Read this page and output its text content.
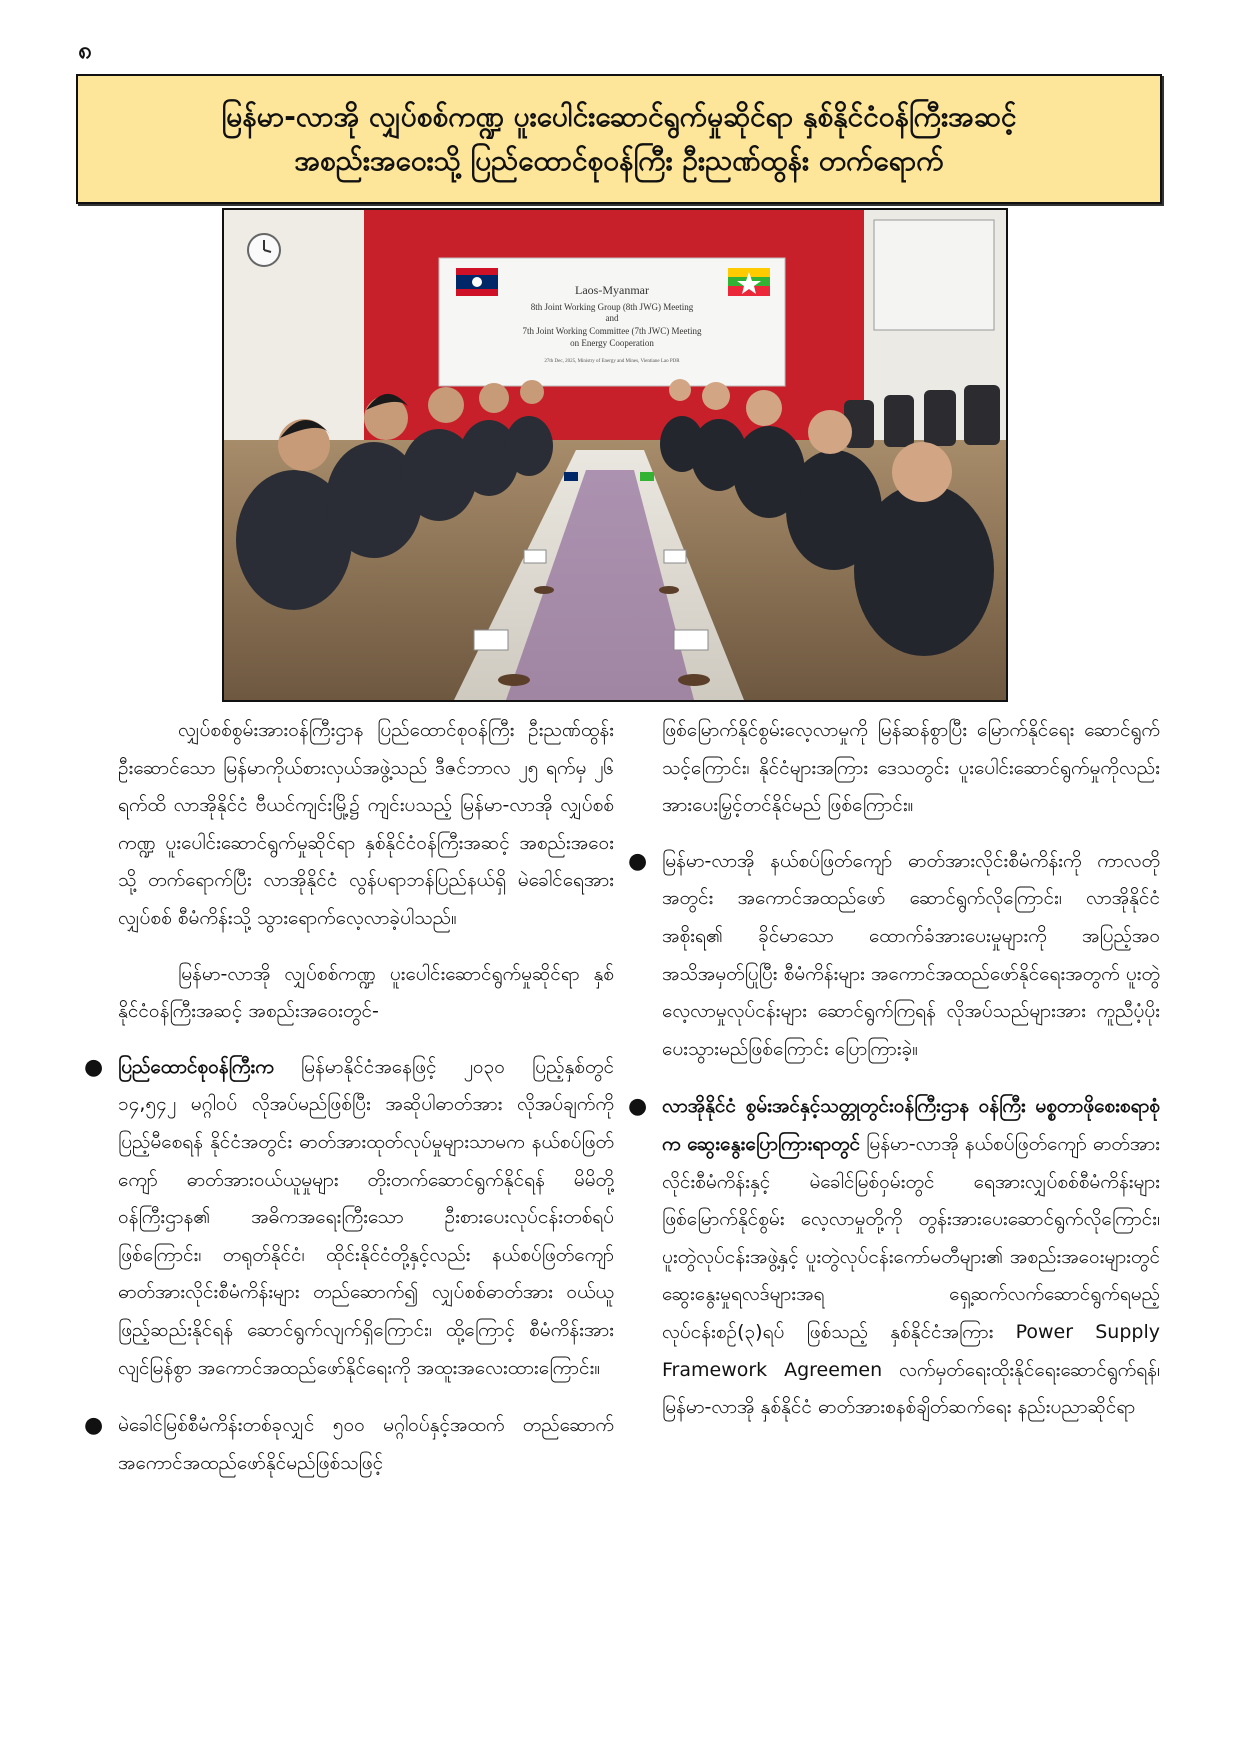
၈
မြန်မာ-လာအို လျှပ်စစ်ကဏ္ဍ ပူးပေါင်းဆောင်ရွက်မှုဆိုင်ရာ နှစ်နိုင်ငံဝန်ကြီးအဆင့်
အစည်းအဝေးသို့ ပြည်ထောင်စုဝန်ကြီး ဦးညဏ်ထွန်း တက်ရောက်
Laos-Myanmar
8th Joint Working Group (8th JWG) Meeting
and
7th Joint Working Committee (7th JWC) Meeting
on Energy Cooperation
27th Dec, 2025, Ministry of Energy and Mines, Vientiane Lao PDR

လျှပ်စစ်စွမ်းအားဝန်ကြီးဌာန ပြည်ထောင်စုဝန်ကြီး ဦးညဏ်ထွန်း ဦးဆောင်သော မြန်မာကိုယ်စားလှယ်အဖွဲ့သည် ဒီဇင်ဘာလ ၂၅ ရက်မှ ၂၆ ရက်ထိ လာအိုနိုင်ငံ ဗီယင်ကျင်းမြို့၌ ကျင်းပသည့် မြန်မာ-လာအို လျှပ်စစ်ကဏ္ဍ ပူးပေါင်းဆောင်ရွက်မှုဆိုင်ရာ နှစ်နိုင်ငံဝန်ကြီးအဆင့် အစည်းအဝေးသို့ တက်ရောက်ပြီး လာအိုနိုင်ငံ လွန်ပရာဘန်ပြည်နယ်ရှိ မဲခေါင်ရေအားလျှပ်စစ် စီမံကိန်းသို့ သွားရောက်လေ့လာခဲ့ပါသည်။

မြန်မာ-လာအို လျှပ်စစ်ကဏ္ဍ ပူးပေါင်းဆောင်ရွက်မှုဆိုင်ရာ နှစ်နိုင်ငံဝန်ကြီးအဆင့် အစည်းအဝေးတွင်-

● ပြည်ထောင်စုဝန်ကြီးက မြန်မာနိုင်ငံအနေဖြင့် ၂၀၃၀ ပြည့်နှစ်တွင် ၁၄,၅၄၂ မဂ္ဂါဝပ် လိုအပ်မည်ဖြစ်ပြီး အဆိုပါဓာတ်အား လိုအပ်ချက်ကို ပြည့်မီစေရန် နိုင်ငံအတွင်း ဓာတ်အားထုတ်လုပ်မှုများသာမက နယ်စပ်ဖြတ်ကျော် ဓာတ်အားဝယ်ယူမှုများ တိုးတက်ဆောင်ရွက်နိုင်ရန် မိမိတို့ဝန်ကြီးဌာန၏ အဓိကအရေးကြီးသော ဦးစားပေးလုပ်ငန်းတစ်ရပ်ဖြစ်ကြောင်း၊ တရုတ်နိုင်ငံ၊ ထိုင်းနိုင်ငံတို့နှင့်လည်း နယ်စပ်ဖြတ်ကျော် ဓာတ်အားလိုင်းစီမံကိန်းများ တည်ဆောက်၍ လျှပ်စစ်ဓာတ်အား ဝယ်ယူဖြည့်ဆည်းနိုင်ရန် ဆောင်ရွက်လျက်ရှိကြောင်း၊ ထို့ကြောင့် စီမံကိန်းအား လျင်မြန်စွာ အကောင်အထည်ဖော်နိုင်ရေးကို အထူးအလေးထားကြောင်း။
● မဲခေါင်မြစ်စီမံကိန်းတစ်ခုလျှင် ၅၀၀ မဂ္ဂါဝပ်နှင့်အထက် တည်ဆောက် အကောင်အထည်ဖော်နိုင်မည်ဖြစ်သဖြင့်

ဖြစ်မြောက်နိုင်စွမ်းလေ့လာမှုကို မြန်ဆန်စွာပြီး မြောက်နိုင်ရေး ဆောင်ရွက်သင့်ကြောင်း၊ နိုင်ငံများအကြား ဒေသတွင်း ပူးပေါင်းဆောင်ရွက်မှုကိုလည်း အားပေးမြှင့်တင်နိုင်မည် ဖြစ်ကြောင်း။

● မြန်မာ-လာအို နယ်စပ်ဖြတ်ကျော် ဓာတ်အားလိုင်းစီမံကိန်းကို ကာလတိုအတွင်း အကောင်အထည်ဖော် ဆောင်ရွက်လိုကြောင်း၊ လာအိုနိုင်ငံအစိုးရ၏ ခိုင်မာသော ထောက်ခံအားပေးမှုများကို အပြည့်အဝ အသိအမှတ်ပြုပြီး စီမံကိန်းများ အကောင်အထည်ဖော်နိုင်ရေးအတွက် ပူးတွဲလေ့လာမှုလုပ်ငန်းများ ဆောင်ရွက်ကြရန် လိုအပ်သည်များအား ကူညီပံ့ပိုးပေးသွားမည်ဖြစ်ကြောင်း ပြောကြားခဲ့။
● လာအိုနိုင်ငံ စွမ်းအင်နှင့်သတ္တုတွင်းဝန်ကြီးဌာန ဝန်ကြီး မစ္စတာဖိုစေးစရာစုံက ဆွေးနွေးပြောကြားရာတွင် မြန်မာ-လာအို နယ်စပ်ဖြတ်ကျော် ဓာတ်အားလိုင်းစီမံကိန်းနှင့် မဲခေါင်မြစ်ဝှမ်းတွင် ရေအားလျှပ်စစ်စီမံကိန်းများ ဖြစ်မြောက်နိုင်စွမ်း လေ့လာမှုတို့ကို တွန်းအားပေးဆောင်ရွက်လိုကြောင်း၊ ပူးတွဲလုပ်ငန်းအဖွဲ့နှင့် ပူးတွဲလုပ်ငန်းကော်မတီများ၏ အစည်းအဝေးများတွင် ဆွေးနွေးမှုရလဒ်များအရ ရှေ့ဆက်လက်ဆောင်ရွက်ရမည့် လုပ်ငန်းစဉ်(၃)ရပ် ဖြစ်သည့် နှစ်နိုင်ငံအကြား Power Supply Framework Agreemen လက်မှတ်ရေးထိုးနိုင်ရေးဆောင်ရွက်ရန်၊ မြန်မာ-လာအို နှစ်နိုင်ငံ ဓာတ်အားစနစ်ချိတ်ဆက်ရေး နည်းပညာဆိုင်ရာ
